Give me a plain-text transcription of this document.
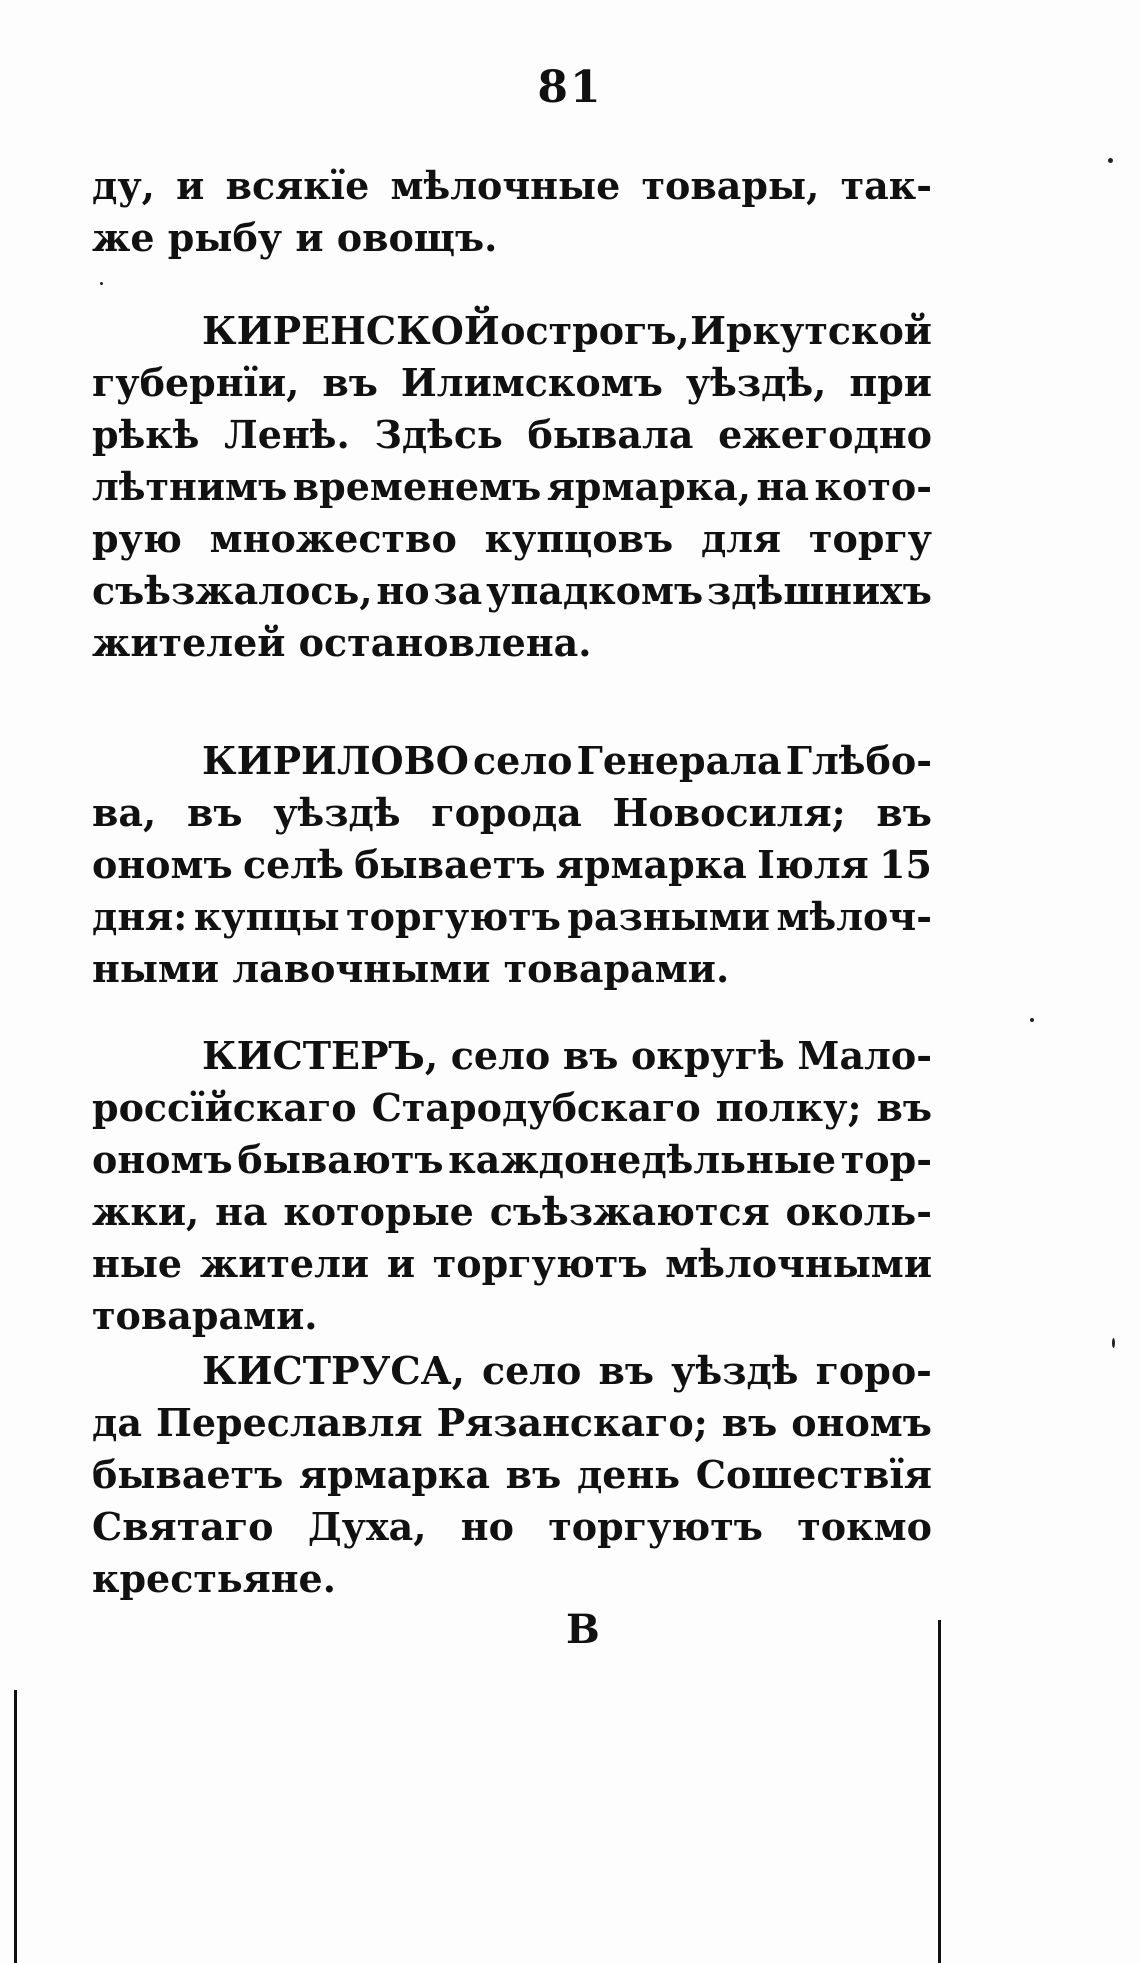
81
ду, и всякїе мѣлочные товары, так-
же рыбу и овощъ.
КИРЕНСКОЙ острогъ, Иркутской
губернїи, въ Илимскомъ уѣздѣ, при
рѣкѣ Ленѣ. Здѣсь бывала ежегодно
лѣтнимъ временемъ ярмарка, на кото-
рую множество купцовъ для торгу
съѣзжалось, но за упадкомъ здѣшнихъ
жителей остановлена.
КИРИЛОВО село Генерала Глѣбо-
ва, въ уѣздѣ города Новосиля; въ
ономъ селѣ бываетъ ярмарка Іюля 15
дня: купцы торгуютъ разными мѣлоч-
ными лавочными товарами.
КИСТЕРЪ, село въ округѣ Мало-
россїйскаго Стародубскаго полку; въ
ономъ бываютъ каждонедѣльные тор-
жки, на которые съѣзжаются околь-
ные жители и торгуютъ мѣлочными
товарами.
КИСТРУСА, село въ уѣздѣ горо-
да Переславля Рязанскаго; въ ономъ
бываетъ ярмарка въ день Сошествїя
Святаго Духа, но торгуютъ токмо
крестьяне.
В
